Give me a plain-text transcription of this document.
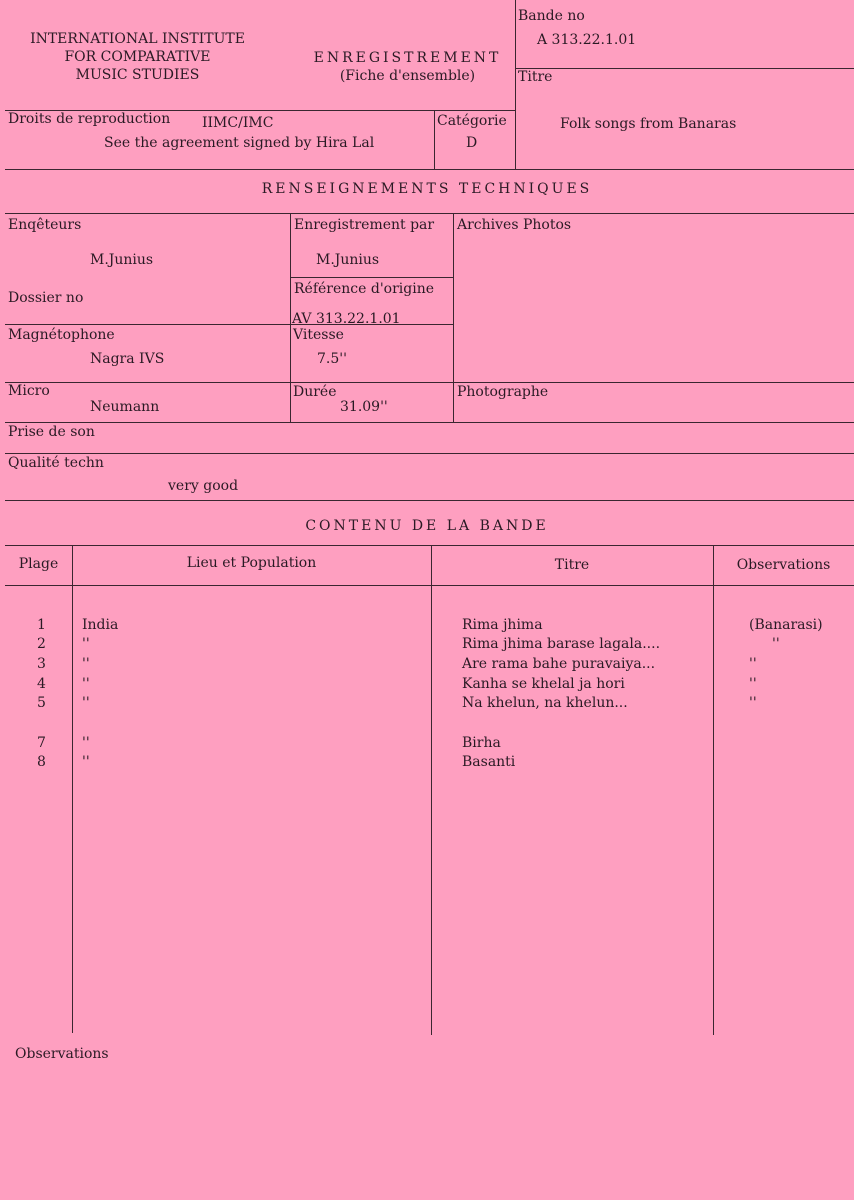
INTERNATIONAL INSTITUTE
FOR COMPARATIVE
MUSIC STUDIES
ENREGISTREMENT
(Fiche d'ensemble)
Bande no
A 313.22.1.01
Titre
Folk songs from Banaras
Droits de reproduction IIMC/IMC
See the agreement signed by Hira Lal
Catégorie
D
RENSEIGNEMENTS TECHNIQUES
Enqêteurs
M.Junius
Enregistrement par
M.Junius
Archives Photos
Dossier no
Référence d'origine
AV 313.22.1.01
Magnétophone
Nagra IVS
Vitesse
7.5''
Micro
Neumann
Durée
31.09''
Photographe
Prise de son
Qualité techn
very good
CONTENU DE LA BANDE
Plage	Lieu et Population	Titre	Observations
1	India	Rima jhima	(Banarasi)
2	''	Rima jhima barase lagala....	''
3	''	Are rama bahe puravaiya...	''
4	''	Kanha se khelal ja hori	''
5	''	Na khelun, na khelun...	''
7	''	Birha
8	''	Basanti
Observations
